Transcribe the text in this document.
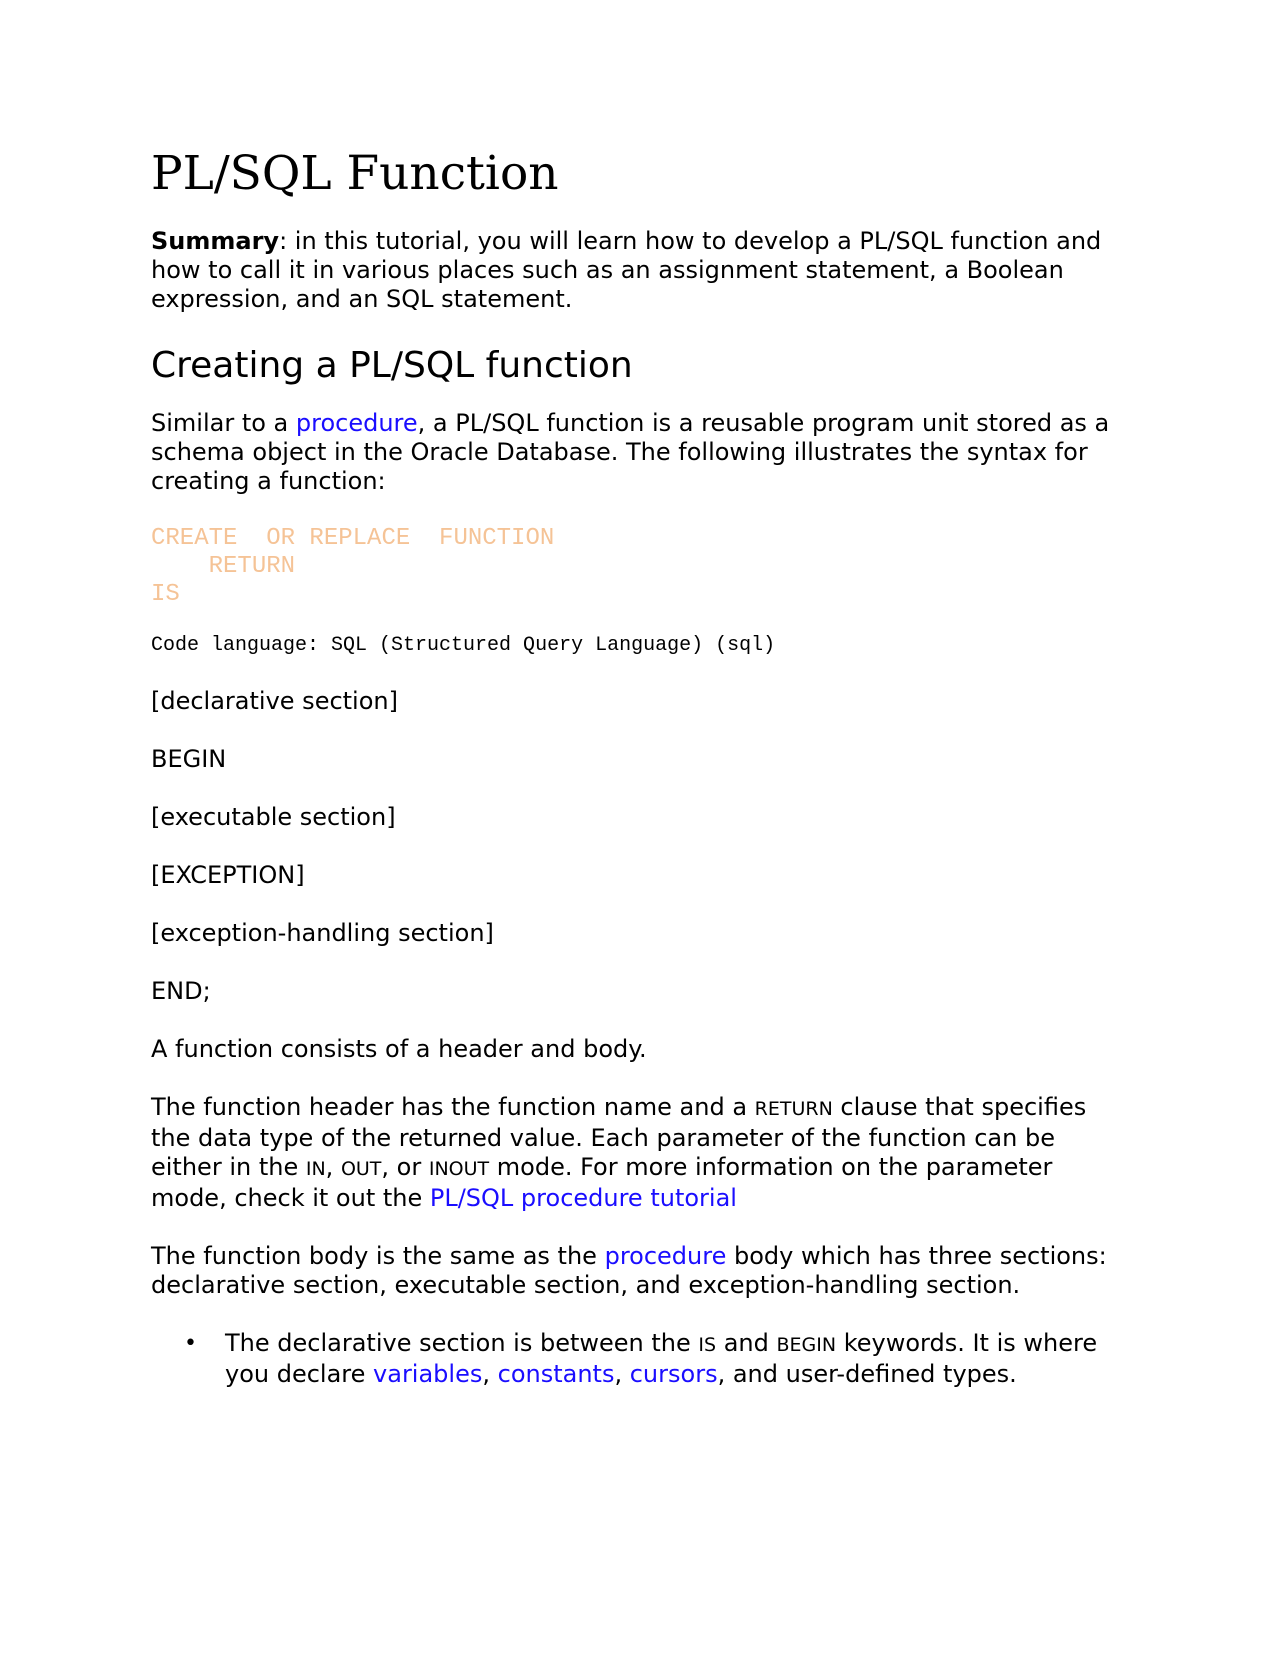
PL/SQL Function

Summary: in this tutorial, you will learn how to develop a PL/SQL function and how to call it in various places such as an assignment statement, a Boolean expression, and an SQL statement.

Creating a PL/SQL function

Similar to a procedure, a PL/SQL function is a reusable program unit stored as a schema object in the Oracle Database. The following illustrates the syntax for creating a function:

CREATE  OR REPLACE  FUNCTION
RETURN
IS
Code language: SQL (Structured Query Language) (sql)

[declarative section]

BEGIN

[executable section]

[EXCEPTION]

[exception-handling section]

END;

A function consists of a header and body.

The function header has the function name and a RETURN clause that specifies the data type of the returned value. Each parameter of the function can be either in the IN, OUT, or INOUT mode. For more information on the parameter mode, check it out the PL/SQL procedure tutorial

The function body is the same as the procedure body which has three sections: declarative section, executable section, and exception-handling section.

• The declarative section is between the IS and BEGIN keywords. It is where you declare variables, constants, cursors, and user-defined types.
